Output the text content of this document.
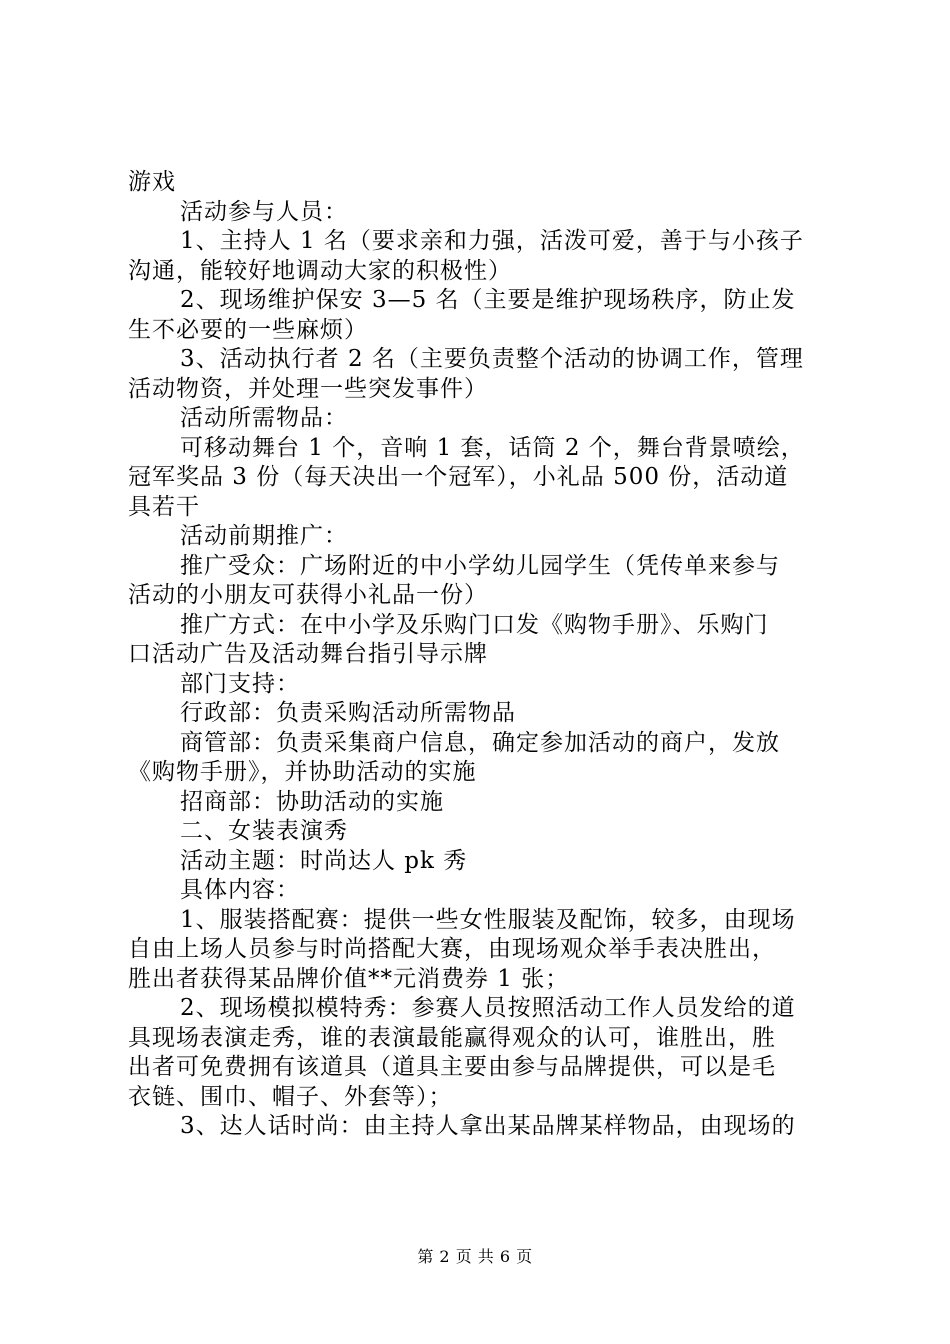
游戏

活动参与人员：

1、主持人 1 名（要求亲和力强，活泼可爱，善于与小孩子

沟通，能较好地调动大家的积极性）

2、现场维护保安 3—5 名（主要是维护现场秩序，防止发

生不必要的一些麻烦）

3、活动执行者 2 名（主要负责整个活动的协调工作，管理

活动物资，并处理一些突发事件）

活动所需物品：

可移动舞台 1 个，音响 1 套，话筒 2 个，舞台背景喷绘，

冠军奖品 3 份（每天决出一个冠军），小礼品 500 份，活动道

具若干

活动前期推广：

推广受众：广场附近的中小学幼儿园学生（凭传单来参与

活动的小朋友可获得小礼品一份）

推广方式：在中小学及乐购门口发《购物手册》、乐购门

口活动广告及活动舞台指引导示牌

部门支持：

行政部：负责采购活动所需物品

商管部：负责采集商户信息，确定参加活动的商户，发放

《购物手册》，并协助活动的实施

招商部：协助活动的实施

二、女装表演秀

活动主题：时尚达人 pk 秀

具体内容：

1、服装搭配赛：提供一些女性服装及配饰，较多，由现场

自由上场人员参与时尚搭配大赛，由现场观众举手表决胜出，

胜出者获得某品牌价值**元消费券 1 张；

2、现场模拟模特秀：参赛人员按照活动工作人员发给的道

具现场表演走秀，谁的表演最能赢得观众的认可，谁胜出，胜

出者可免费拥有该道具（道具主要由参与品牌提供，可以是毛

衣链、围巾、帽子、外套等）；

3、达人话时尚：由主持人拿出某品牌某样物品，由现场的

第 2 页 共 6 页
